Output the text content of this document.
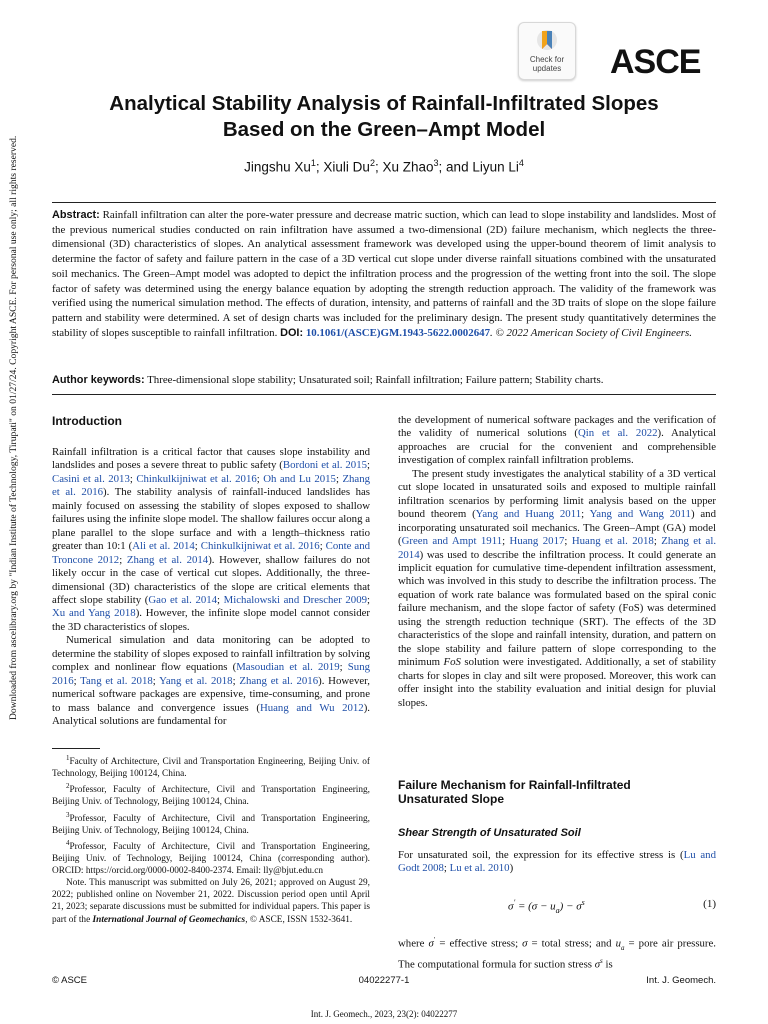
Downloaded from ascelibrary.org by "Indian Institute of Technology, Tirupati" on 01/27/24. Copyright ASCE. For personal use only; all rights reserved.
Check for
updates	ASCE
Analytical Stability Analysis of Rainfall-Infiltrated Slopes
Based on the Green–Ampt Model
Jingshu Xu$^1$; Xiuli Du$^2$; Xu Zhao$^3$; and Liyun Li$^4$
Abstract: Rainfall infiltration can alter the pore-water pressure and decrease matric suction, which can lead to slope instability and landslides. Most of the previous numerical studies conducted on rain infiltration have assumed a two-dimensional (2D) failure mechanism, which neglects the three-dimensional (3D) characteristics of slopes. An analytical assessment framework was developed using the upper-bound theorem of limit analysis to determine the factor of safety and failure pattern in the case of a 3D vertical cut slope under diverse rainfall situations combined with the unsaturated soil mechanics. The Green–Ampt model was adopted to depict the infiltration process and the progression of the wetting front into the soil. The slope factor of safety was determined using the energy balance equation by adopting the strength reduction approach. The validity of the framework was verified using the numerical simulation method. The effects of duration, intensity, and patterns of rainfall and the 3D traits of slope on the slope failure pattern and stability were determined. A set of design charts was included for the preliminary design. The present study quantitatively determines the stability of slopes susceptible to rainfall infiltration. DOI: 10.1061/(ASCE)GM.1943-5622.0002647. © 2022 American Society of Civil Engineers.
Author keywords: Three-dimensional slope stability; Unsaturated soil; Rainfall infiltration; Failure pattern; Stability charts.
Introduction

Rainfall infiltration is a critical factor that causes slope instability and landslides and poses a severe threat to public safety (Bordoni et al. 2015; Casini et al. 2013; Chinkulkijniwat et al. 2016; Oh and Lu 2015; Zhang et al. 2016). The stability analysis of rainfall-induced landslides has mainly focused on assessing the stability of slopes exposed to shallow failures using the infinite slope model. The shallow failures occur along a plane parallel to the slope surface and with a length–thickness ratio greater than 10:1 (Ali et al. 2014; Chinkulkijniwat et al. 2016; Conte and Troncone 2012; Zhang et al. 2014). However, shallow failures do not likely occur in the case of vertical cut slopes. Additionally, the three-dimensional (3D) characteristics of the slope are critical elements that affect slope stability (Gao et al. 2014; Michalowski and Drescher 2009; Xu and Yang 2018). However, the infinite slope model cannot consider the 3D characteristics of slopes.

Numerical simulation and data monitoring can be adopted to determine the stability of slopes exposed to rainfall infiltration by solving complex and nonlinear flow equations (Masoudian et al. 2019; Sung 2016; Tang et al. 2018; Yang et al. 2018; Zhang et al. 2016). However, numerical software packages are expensive, time-consuming, and prone to mass balance and convergence issues (Huang and Wu 2012). Analytical solutions are fundamental for

$^1$Faculty of Architecture, Civil and Transportation Engineering, Beijing Univ. of Technology, Beijing 100124, China.

$^2$Professor, Faculty of Architecture, Civil and Transportation Engineering, Beijing Univ. of Technology, Beijing 100124, China.

$^3$Professor, Faculty of Architecture, Civil and Transportation Engineering, Beijing Univ. of Technology, Beijing 100124, China.

$^4$Professor, Faculty of Architecture, Civil and Transportation Engineering, Beijing Univ. of Technology, Beijing 100124, China (corresponding author). ORCID: https://orcid.org/0000-0002-8400-2374. Email: lly@bjut.edu.cn

Note. This manuscript was submitted on July 26, 2021; approved on August 29, 2022; published online on November 21, 2022. Discussion period open until April 21, 2023; separate discussions must be submitted for individual papers. This paper is part of the International Journal of Geomechanics, © ASCE, ISSN 1532-3641.

the development of numerical software packages and the verification of the validity of numerical solutions (Qin et al. 2022). Analytical approaches are crucial for the convenient and comprehensible investigation of complex rainfall infiltration problems.

The present study investigates the analytical stability of a 3D vertical cut slope located in unsaturated soils and exposed to multiple rainfall infiltration scenarios by performing limit analysis based on the upper bound theorem (Yang and Huang 2011; Yang and Wang 2011) and incorporating unsaturated soil mechanics. The Green–Ampt (GA) model (Green and Ampt 1911; Huang 2017; Huang et al. 2018; Zhang et al. 2014) was used to describe the infiltration process. It could generate an implicit equation for cumulative time-dependent infiltration assessment, which was involved in this study to describe the infiltration process. The equation of work rate balance was formulated based on the spiral conic failure mechanism, and the slope factor of safety (FoS) was determined using the strength reduction technique (SRT). The effects of the 3D characteristics of the slope and rainfall intensity, duration, and pattern on the slope stability and failure pattern of slope corresponding to the minimum FoS solution were investigated. Additionally, a set of stability charts for slopes in clay and silt were proposed. Moreover, this work can offer insight into the stability evaluation and initial design for pluvial slopes.

Failure Mechanism for Rainfall-Infiltrated
Unsaturated Slope
Shear Strength of Unsaturated Soil

For unsaturated soil, the expression for its effective stress is (Lu and Godt 2008; Lu et al. 2010)

$\sigma' = (\sigma - u_a) - \sigma^s$	(1)

where σ′ = effective stress; σ = total stress; and $u_a$ = pore air pressure. The computational formula for suction stress $\sigma^s$ is

© ASCE	04022277-1	Int. J. Geomech.
Int. J. Geomech., 2023, 23(2): 04022277
